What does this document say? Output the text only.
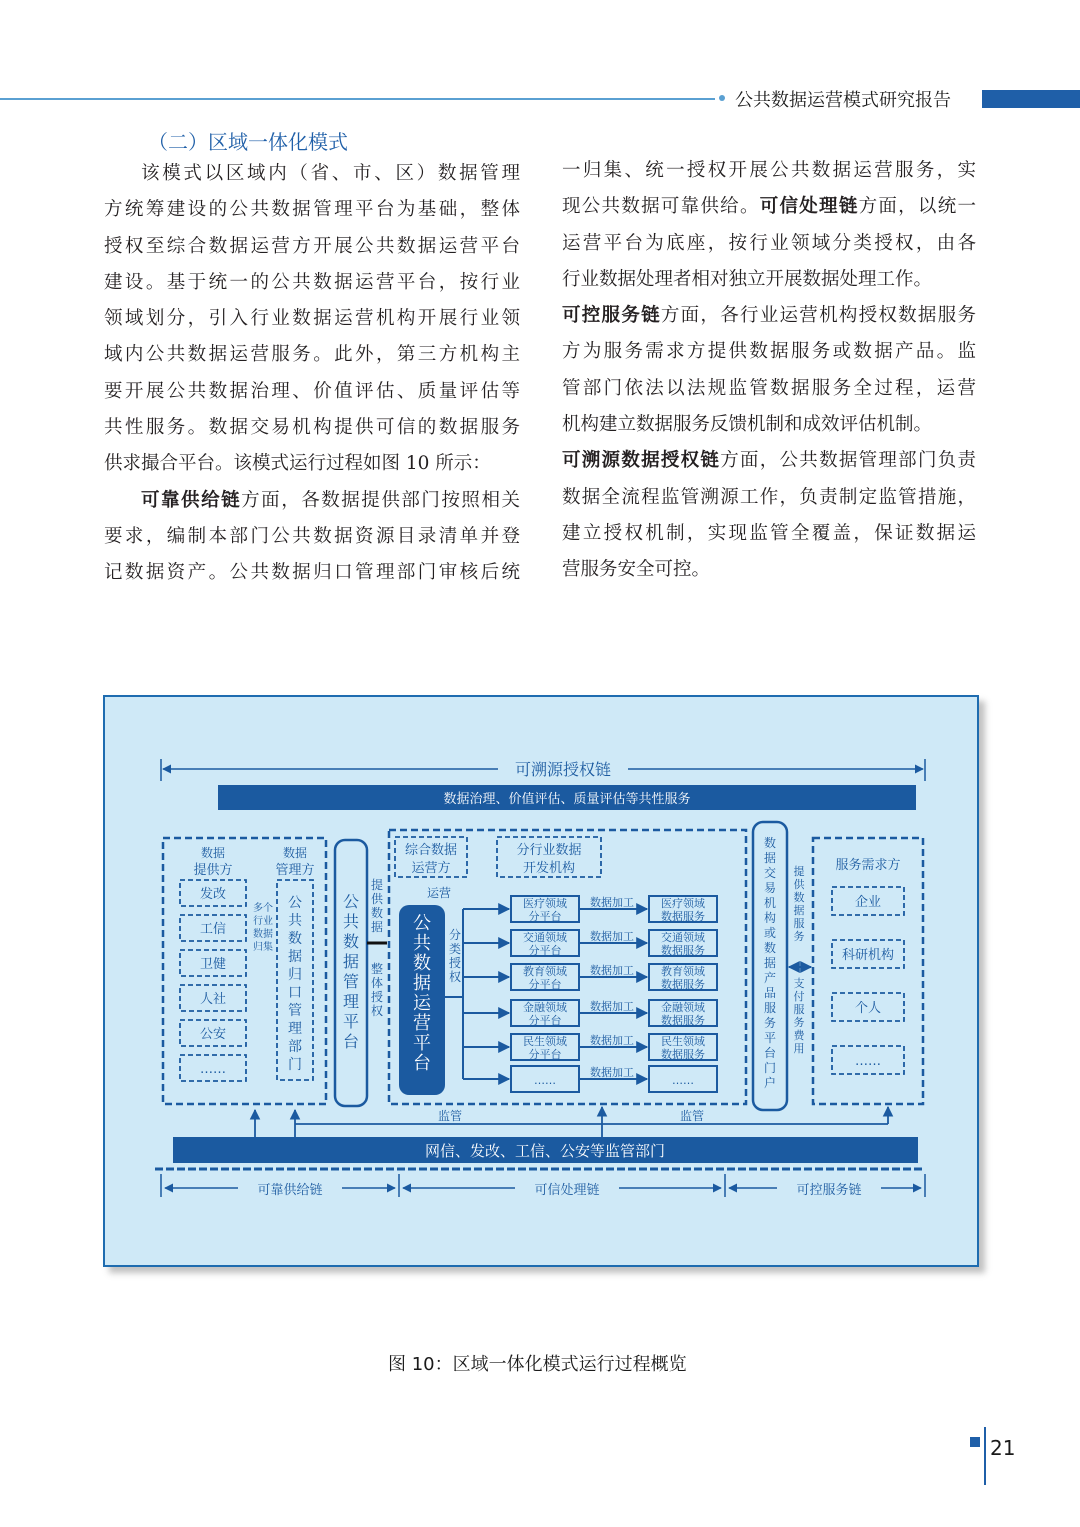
公共数据运营模式研究报告
（二）区域一体化模式
该模式以区域内（省、市、区）数据管理
方统筹建设的公共数据管理平台为基础，整体
授权至综合数据运营方开展公共数据运营平台
建设。基于统一的公共数据运营平台，按行业
领域划分，引入行业数据运营机构开展行业领
域内公共数据运营服务。此外，第三方机构主
要开展公共数据治理、价值评估、质量评估等
共性服务。数据交易机构提供可信的数据服务
供求撮合平台。该模式运行过程如图 10 所示：
可靠供给链方面，各数据提供部门按照相关
要求，编制本部门公共数据资源目录清单并登
记数据资产。公共数据归口管理部门审核后统
一归集、统一授权开展公共数据运营服务，实
现公共数据可靠供给。可信处理链方面，以统一
运营平台为底座，按行业领域分类授权，由各
行业数据处理者相对独立开展数据处理工作。
可控服务链方面，各行业运营机构授权数据服务
方为服务需求方提供数据服务或数据产品。监
管部门依法以法规监管数据服务全过程，运营
机构建立数据服务反馈机制和成效评估机制。
可溯源数据授权链方面，公共数据管理部门负责
数据全流程监管溯源工作，负责制定监管措施，
建立授权机制，实现监管全覆盖，保证数据运
营服务安全可控。
可溯源授权链
数据治理、价值评估、质量评估等共性服务
数据
提供方
发改
工信
卫健
人社
公安
……
多个
行业
数据
归集
数据
管理方
公共数据归口管理部门
公共数据管理平台
提供数据
整体授权
综合数据
运营方
运营
分行业数据
开发机构
公共数据运营平台
分类授权
医疗领域
分平台
数据加工 医疗领域
数据服务
交通领域
分平台
数据加工 交通领域
数据服务
教育领域
分平台
数据加工 教育领域
数据服务
金融领域
分平台
数据加工 金融领域
数据服务
民生领域
分平台
数据加工 民生领域
数据服务
……
数据加工
……
数据交易机构或数据产品服务平台门户
提供数据服务
支付服务费用
服务需求方
企业
科研机构
个人
……
监管	监管
网信、发改、工信、公安等监管部门
可靠供给链	可信处理链	可控服务链
图 10：区域一体化模式运行过程概览
21
